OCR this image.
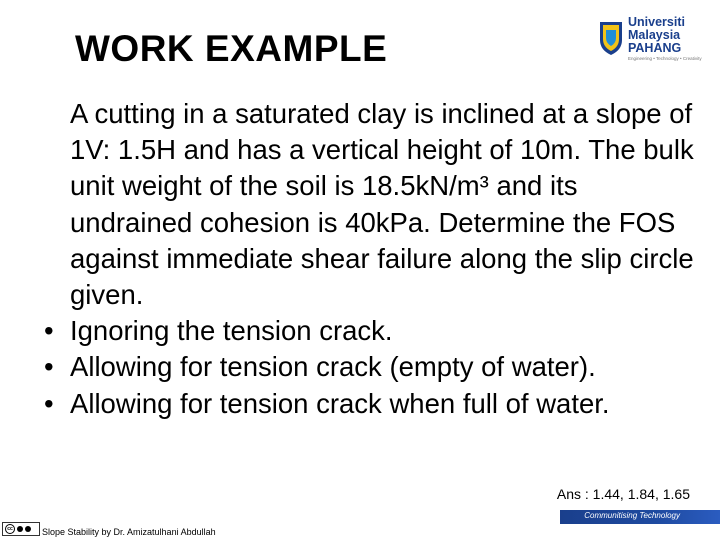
WORK EXAMPLE
Universiti
Malaysia
PAHANG
Engineering • Technology • Creativity

A cutting in a saturated clay is inclined at a slope of 1V: 1.5H and has a vertical height of 10m. The bulk unit weight of the soil is 18.5kN/m³ and its undrained cohesion is 40kPa. Determine the FOS against immediate shear failure along the slip circle given.

• Ignoring the tension crack.
• Allowing for tension crack (empty of water).
• Allowing for tension crack when full of water.
Ans : 1.44, 1.84, 1.65
Communitising Technology
cc	Slope Stability by Dr. Amizatulhani Abdullah
